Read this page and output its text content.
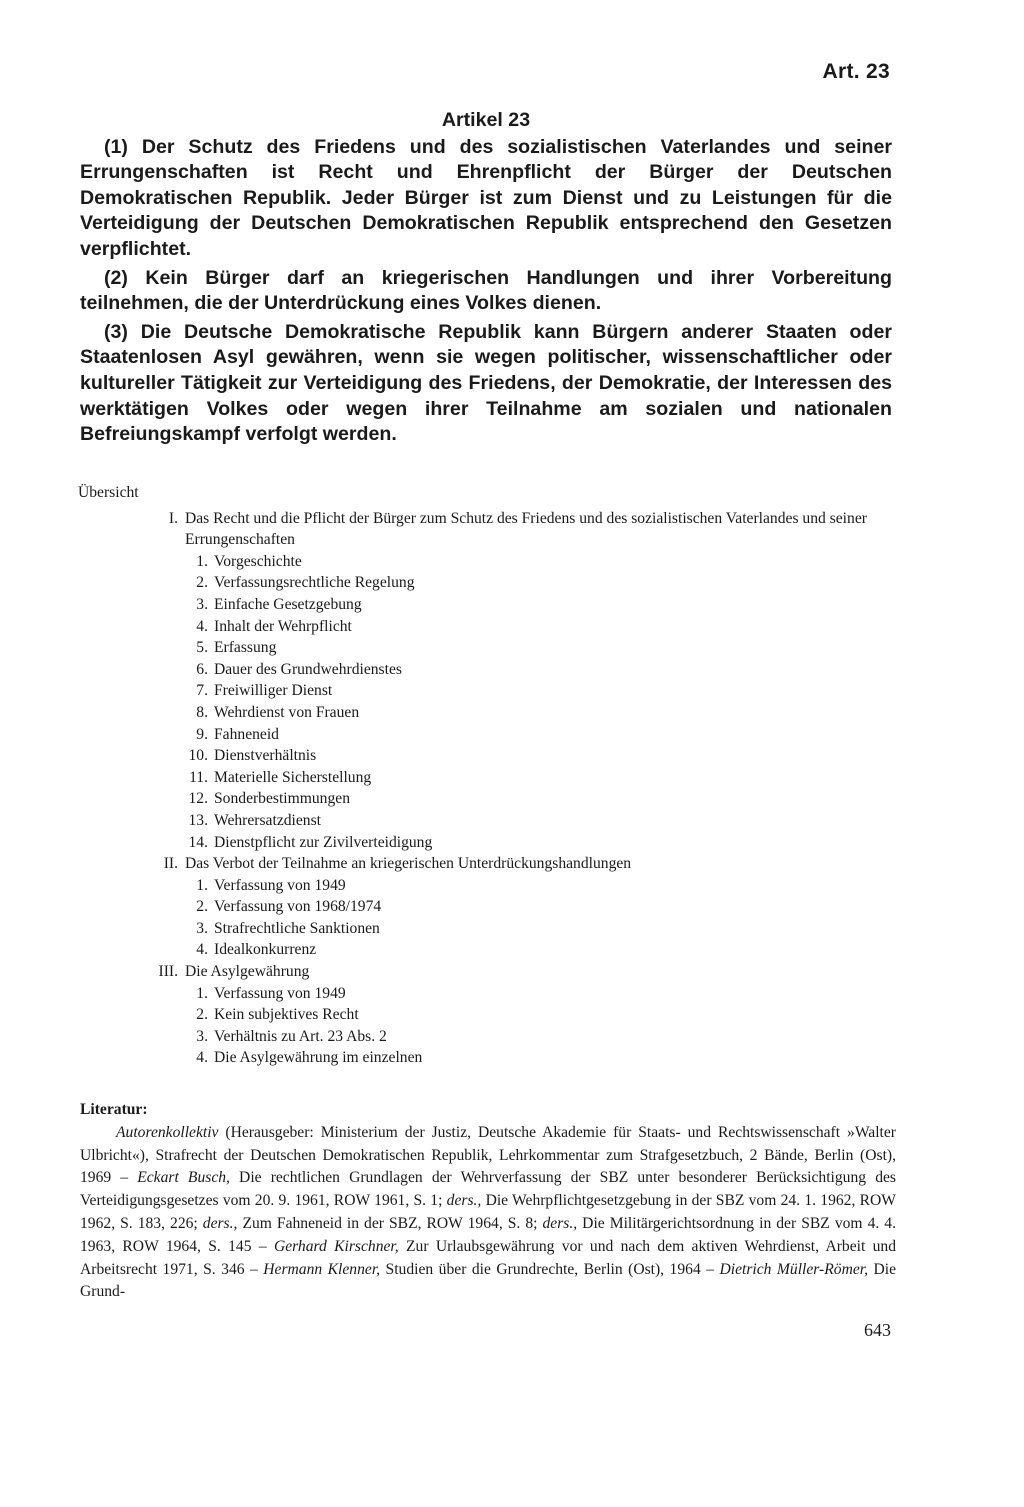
Art. 23
Artikel 23

(1) Der Schutz des Friedens und des sozialistischen Vaterlandes und seiner Errungenschaften ist Recht und Ehrenpflicht der Bürger der Deutschen Demokratischen Republik. Jeder Bürger ist zum Dienst und zu Leistungen für die Verteidigung der Deutschen Demokratischen Republik entsprechend den Gesetzen verpflichtet.

(2) Kein Bürger darf an kriegerischen Handlungen und ihrer Vorbereitung teilnehmen, die der Unterdrückung eines Volkes dienen.

(3) Die Deutsche Demokratische Republik kann Bürgern anderer Staaten oder Staatenlosen Asyl gewähren, wenn sie wegen politischer, wissenschaftlicher oder kultureller Tätigkeit zur Verteidigung des Friedens, der Demokratie, der Interessen des werktätigen Volkes oder wegen ihrer Teilnahme am sozialen und nationalen Befreiungskampf verfolgt werden.

Übersicht
I. Das Recht und die Pflicht der Bürger zum Schutz des Friedens und des sozialistischen Vaterlandes und seiner Errungenschaften
1. Vorgeschichte
2. Verfassungsrechtliche Regelung
3. Einfache Gesetzgebung
4. Inhalt der Wehrpflicht
5. Erfassung
6. Dauer des Grundwehrdienstes
7. Freiwilliger Dienst
8. Wehrdienst von Frauen
9. Fahneneid
10. Dienstverhältnis
11. Materielle Sicherstellung
12. Sonderbestimmungen
13. Wehrersatzdienst
14. Dienstpflicht zur Zivilverteidigung
II. Das Verbot der Teilnahme an kriegerischen Unterdrückungshandlungen
1. Verfassung von 1949
2. Verfassung von 1968/1974
3. Strafrechtliche Sanktionen
4. Idealkonkurrenz
III. Die Asylgewährung
1. Verfassung von 1949
2. Kein subjektives Recht
3. Verhältnis zu Art. 23 Abs. 2
4. Die Asylgewährung im einzelnen
Literatur:

Autorenkollektiv (Herausgeber: Ministerium der Justiz, Deutsche Akademie für Staats- und Rechtswissenschaft »Walter Ulbricht«), Strafrecht der Deutschen Demokratischen Republik, Lehrkommentar zum Strafgesetzbuch, 2 Bände, Berlin (Ost), 1969 – Eckart Busch, Die rechtlichen Grundlagen der Wehrverfassung der SBZ unter besonderer Berücksichtigung des Verteidigungsgesetzes vom 20. 9. 1961, ROW 1961, S. 1; ders., Die Wehrpflichtgesetzgebung in der SBZ vom 24. 1. 1962, ROW 1962, S. 183, 226; ders., Zum Fahneneid in der SBZ, ROW 1964, S. 8; ders., Die Militärgerichtsordnung in der SBZ vom 4. 4. 1963, ROW 1964, S. 145 – Gerhard Kirschner, Zur Urlaubsgewährung vor und nach dem aktiven Wehrdienst, Arbeit und Arbeitsrecht 1971, S. 346 – Hermann Klenner, Studien über die Grundrechte, Berlin (Ost), 1964 – Dietrich Müller-Römer, Die Grund-

643
